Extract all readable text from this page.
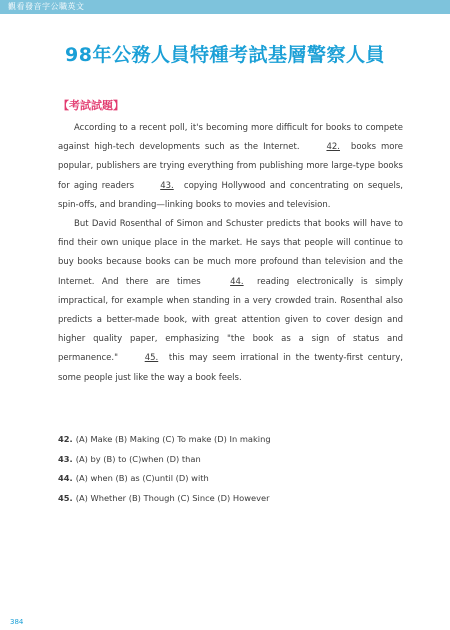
觀看發音字公職英文
98年公務人員特種考試基層警察人員
【考試試題】

According to a recent poll, it's becoming more difficult for books to compete against high-tech developments such as the Internet.	42. books more popular, publishers are trying everything from publishing more large-type books for aging readers	43. copying Hollywood and concentrating on sequels, spin-offs, and branding—linking books to movies and television.

But David Rosenthal of Simon and Schuster predicts that books will have to find their own unique place in the market. He says that people will continue to buy books because books can be much more profound than television and the Internet. And there are times	44. reading electronically is simply impractical, for example when standing in a very crowded train. Rosenthal also predicts a better-made book, with great attention given to cover design and higher quality paper, emphasizing "the book as a sign of status and permanence."	45. this may seem irrational in the twenty-first century, some people just like the way a book feels.

42. (A) Make (B) Making (C) To make (D) In making
43. (A) by (B) to (C)when (D) than
44. (A) when (B) as (C)until (D) with
45. (A) Whether (B) Though (C) Since (D) However
384
